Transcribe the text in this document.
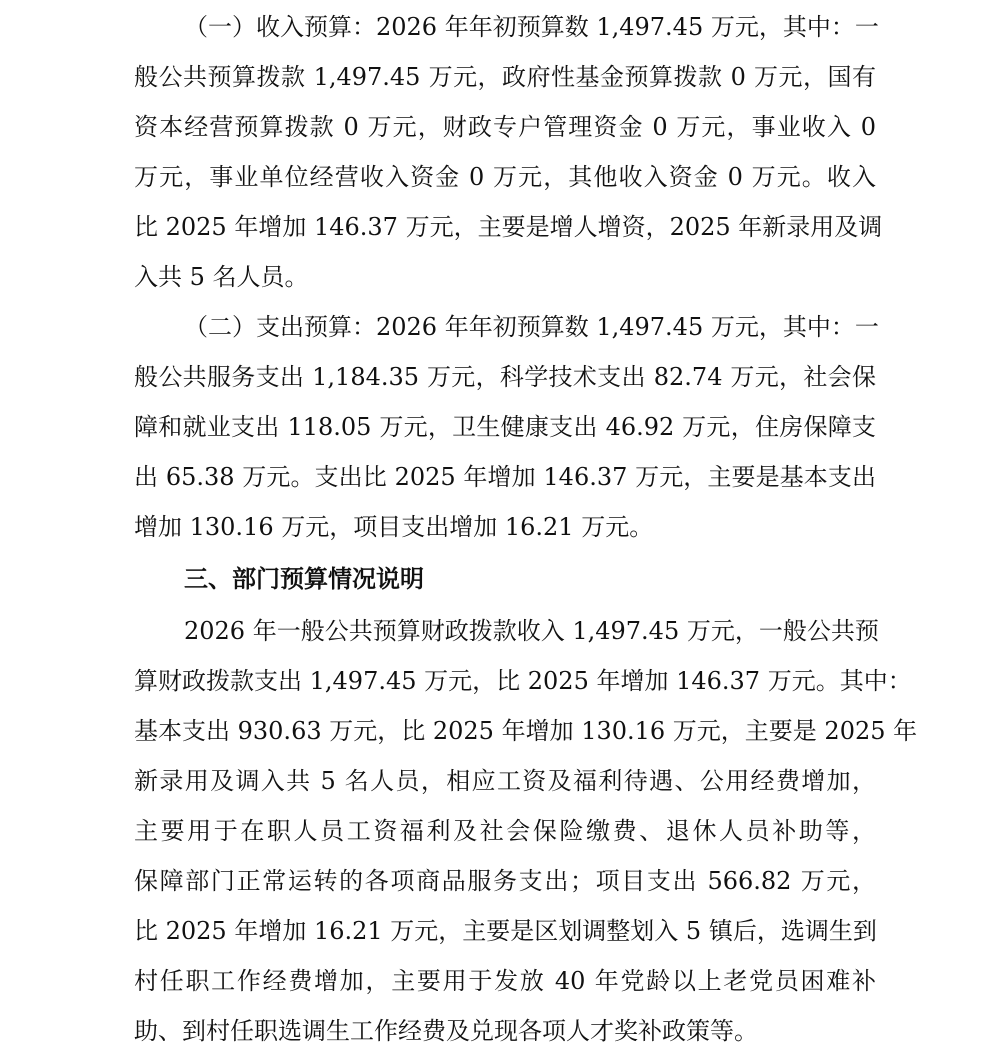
（一）收入预算：2026 年年初预算数 1,497.45 万元，其中：一
般公共预算拨款 1,497.45 万元，政府性基金预算拨款 0 万元，国有
资本经营预算拨款 0 万元，财政专户管理资金 0 万元，事业收入 0
万元，事业单位经营收入资金 0 万元，其他收入资金 0 万元。收入
比 2025 年增加 146.37 万元，主要是增人增资，2025 年新录用及调
入共 5 名人员。
（二）支出预算：2026 年年初预算数 1,497.45 万元，其中：一
般公共服务支出 1,184.35 万元，科学技术支出 82.74 万元，社会保
障和就业支出 118.05 万元，卫生健康支出 46.92 万元，住房保障支
出 65.38 万元。支出比 2025 年增加 146.37 万元，主要是基本支出
增加 130.16 万元，项目支出增加 16.21 万元。
三、部门预算情况说明
2026 年一般公共预算财政拨款收入 1,497.45 万元，一般公共预
算财政拨款支出 1,497.45 万元，比 2025 年增加 146.37 万元。其中：
基本支出 930.63 万元，比 2025 年增加 130.16 万元，主要是 2025 年
新录用及调入共 5 名人员，相应工资及福利待遇、公用经费增加，
主要用于在职人员工资福利及社会保险缴费、退休人员补助等，
保障部门正常运转的各项商品服务支出；项目支出 566.82 万元，
比 2025 年增加 16.21 万元，主要是区划调整划入 5 镇后，选调生到
村任职工作经费增加，主要用于发放 40 年党龄以上老党员困难补
助、到村任职选调生工作经费及兑现各项人才奖补政策等。
